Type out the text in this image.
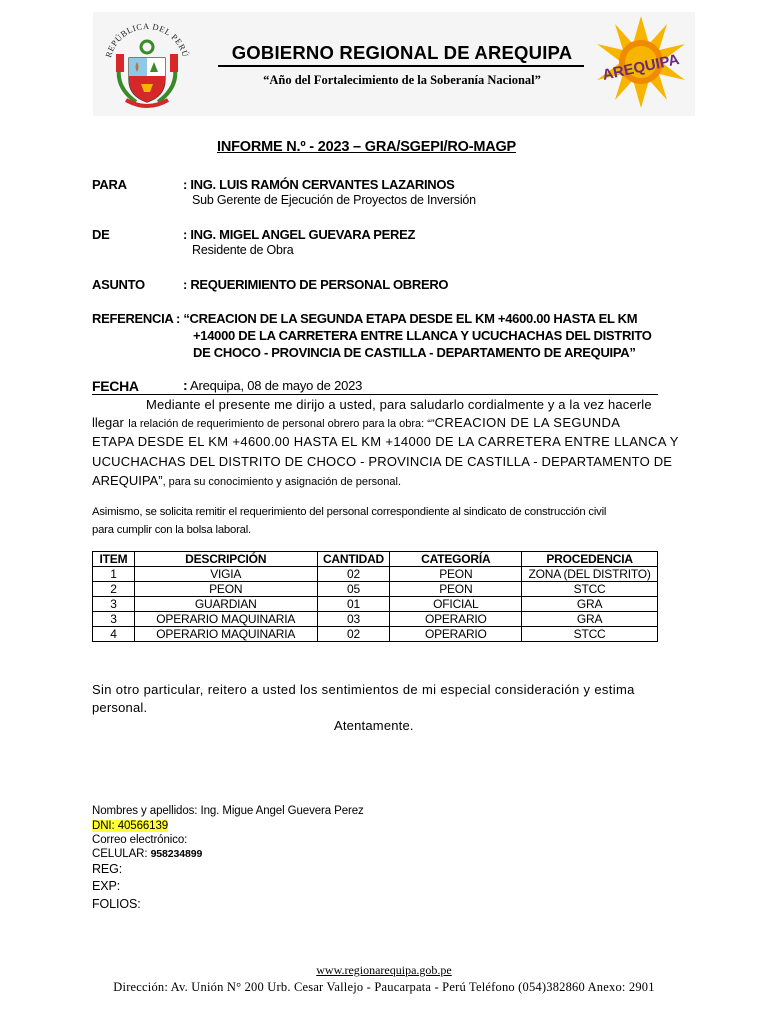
REPÚBLICA DEL PERÚ	GOBIERNO REGIONAL DE AREQUIPA
“Año del Fortalecimiento de la Soberanía Nacional”	AREQUIPA
INFORME N.º - 2023 – GRA/SGEPI/RO-MAGP
PARA	: ING. LUIS RAMÓN CERVANTES LAZARINOS
Sub Gerente de Ejecución de Proyectos de Inversión
DE	: ING. MIGEL ANGEL GUEVARA PEREZ
Residente de Obra
ASUNTO	: REQUERIMIENTO DE PERSONAL OBRERO
REFERENCIA : “CREACION DE LA SEGUNDA ETAPA DESDE EL KM +4600.00 HASTA EL KM
+14000 DE LA CARRETERA ENTRE LLANCA Y UCUCHACHAS DEL DISTRITO
DE CHOCO - PROVINCIA DE CASTILLA - DEPARTAMENTO DE AREQUIPA”
FECHA	: Arequipa, 08 de mayo de 2023
Mediante el presente me dirijo a usted, para saludarlo cordialmente y a la vez hacerle
llegar la relación de requerimiento de personal obrero para la obra: “”CREACION DE LA SEGUNDA
ETAPA DESDE EL KM +4600.00 HASTA EL KM +14000 DE LA CARRETERA ENTRE LLANCA Y
UCUCHACHAS DEL DISTRITO DE CHOCO - PROVINCIA DE CASTILLA - DEPARTAMENTO DE
AREQUIPA”, para su conocimiento y asignación de personal.
Asimismo, se solicita remitir el requerimiento del personal correspondiente al sindicato de construcción civil
para cumplir con la bolsa laboral.
ITEM	DESCRIPCIÓN	CANTIDAD	CATEGORÍA	PROCEDENCIA
1	VIGIA	02	PEON	ZONA (DEL DISTRITO)
2	PEON	05	PEON	STCC
3	GUARDIAN	01	OFICIAL	GRA
3	OPERARIO MAQUINARIA	03	OPERARIO	GRA
4	OPERARIO MAQUINARIA	02	OPERARIO	STCC
Sin otro particular, reitero a usted los sentimientos de mi especial consideración y estima
personal.
Atentamente.
Nombres y apellidos: Ing. Migue Angel Guevera Perez
DNI: 40566139
Correo electrónico:
CELULAR: 958234899
REG:
EXP:
FOLIOS:
www.regionarequipa.gob.pe
Dirección: Av. Unión N° 200 Urb. Cesar Vallejo - Paucarpata - Perú Teléfono (054)382860 Anexo: 2901
